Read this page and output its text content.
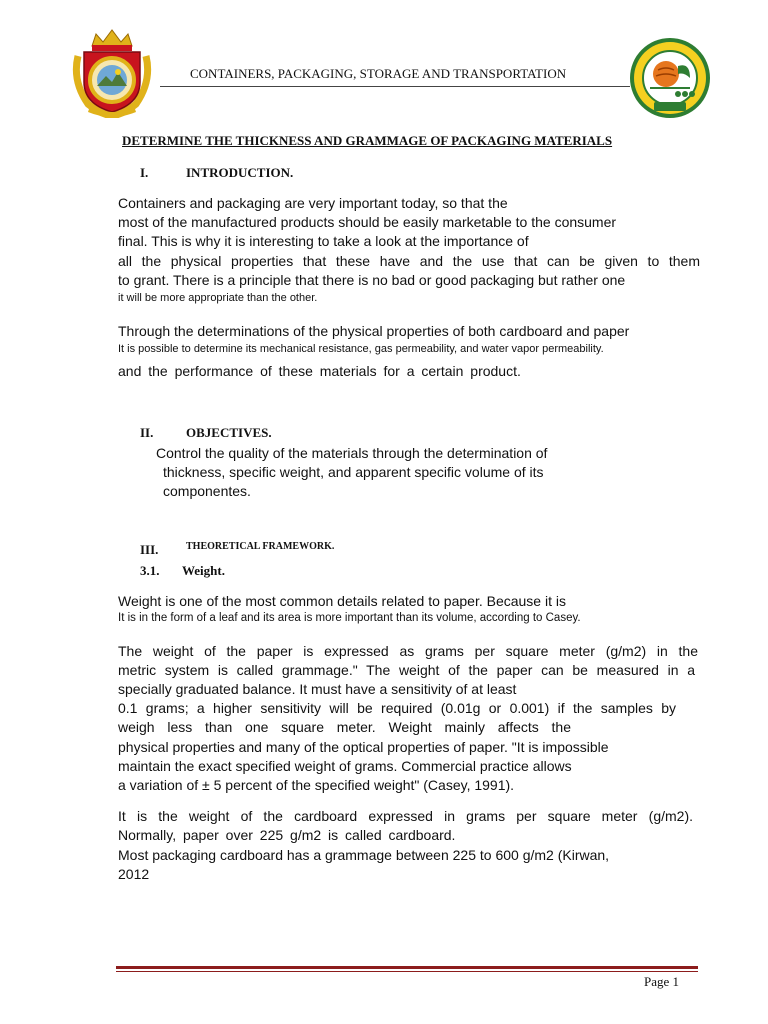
CONTAINERS, PACKAGING, STORAGE AND TRANSPORTATION
DETERMINE THE THICKNESS AND GRAMMAGE OF PACKAGING MATERIALS
I.	INTRODUCTION.
Containers and packaging are very important today, so that the
most of the manufactured products should be easily marketable to the consumer
final. This is why it is interesting to take a look at the importance of
all the physical properties that these have and the use that can be given to them
to grant. There is a principle that there is no bad or good packaging but rather one
it will be more appropriate than the other.
Through the determinations of the physical properties of both cardboard and paper
It is possible to determine its mechanical resistance, gas permeability, and water vapor permeability.
and the performance of these materials for a certain product.
II.	OBJECTIVES.
Control the quality of the materials through the determination of
thickness, specific weight, and apparent specific volume of its
componentes.
III.	THEORETICAL FRAMEWORK.
3.1. Weight.
Weight is one of the most common details related to paper. Because it is
It is in the form of a leaf and its area is more important than its volume, according to Casey.
The weight of the paper is expressed as grams per square meter (g/m2) in the
metric system is called grammage." The weight of the paper can be measured in a
specially graduated balance. It must have a sensitivity of at least
0.1 grams; a higher sensitivity will be required (0.01g or 0.001) if the samples by
weigh less than one square meter. Weight mainly affects the
physical properties and many of the optical properties of paper. "It is impossible
maintain the exact specified weight of grams. Commercial practice allows
a variation of ± 5 percent of the specified weight" (Casey, 1991).
It is the weight of the cardboard expressed in grams per square meter (g/m2).
Normally, paper over 225 g/m2 is called cardboard.
Most packaging cardboard has a grammage between 225 to 600 g/m2 (Kirwan,
2012
Page 1
